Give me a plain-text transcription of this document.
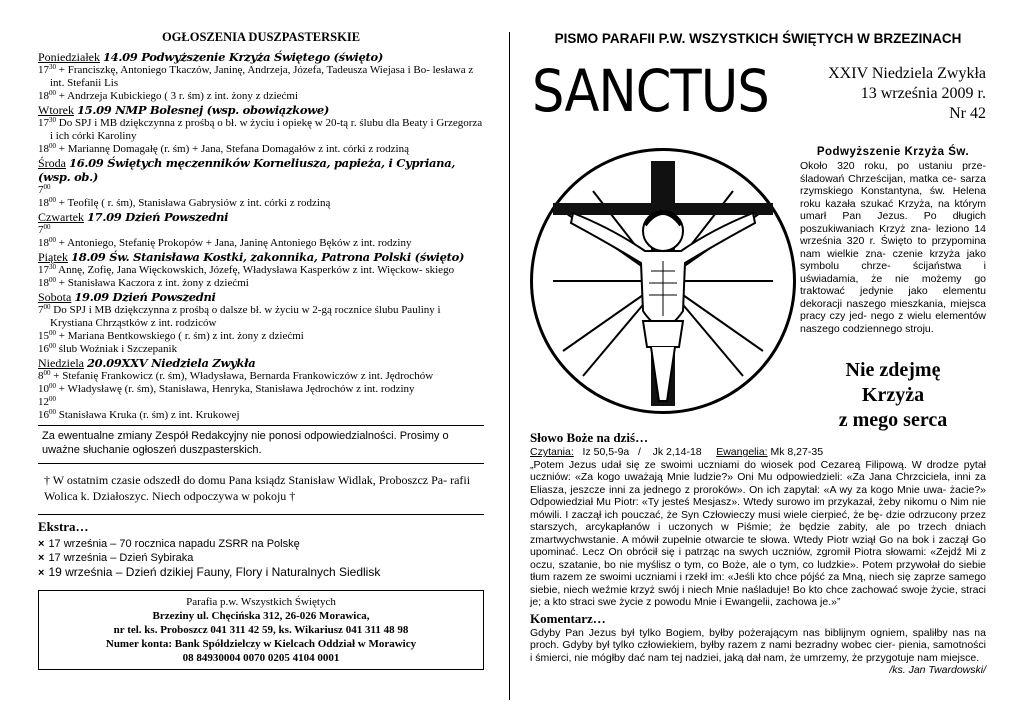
OGŁOSZENIA DUSZPASTERSKIE
Poniedziałek 14.09 Podwyższenie Krzyża Świętego (święto)
$17^{30}$ + Franciszkę, Antoniego Tkaczów, Janinę, Andrzeja, Józefa, Tadeusza Wiejasa i Bo- lesława z int. Stefanii Lis
$18^{00}$ + Andrzeja Kubickiego ( 3 r. śm) z int. żony z dziećmi
Wtorek 15.09 NMP Bolesnej (wsp. obowiązkowe)
$17^{30}$ Do SPJ i MB dziękczynna z prośbą o bł. w życiu i opiekę w 20-tą r. ślubu dla Beaty i Grzegorza i ich córki Karoliny
$18^{00}$ + Mariannę Domagałę (r. śm) + Jana, Stefana Domagałów z int. córki z rodziną
Środa 16.09 Świętych męczenników Korneliusza, papieża, i Cypriana, (wsp. ob.)
$7^{00}$
$18^{00}$ + Teofilę ( r. śm), Stanisława Gabrysiów z int. córki z rodziną
Czwartek 17.09 Dzień Powszedni
$7^{00}$
$18^{00}$ + Antoniego, Stefanię Prokopów + Jana, Janinę Antoniego Bęków z int. rodziny
Piątek 18.09 Św. Stanisława Kostki, zakonnika, Patrona Polski (święto)
$17^{30}$ Annę, Zofię, Jana Więckowskich, Józefę, Władysława Kasperków z int. Więckow- skiego
$18^{00}$ + Stanisława Kaczora z int. żony z dziećmi
Sobota 19.09 Dzień Powszedni
$7^{00}$ Do SPJ i MB dziękczynna z prośbą o dalsze bł. w życiu w 2-gą rocznice ślubu Pauliny i Krystiana Chrząstków z int. rodziców
$15^{00}$ + Mariana Bentkowskiego ( r. śm) z int. żony z dziećmi
$16^{00}$ ślub Woźniak i Szczepanik
Niedziela 20.09XXV Niedziela Zwykła
$8^{00}$ + Stefanię Frankowicz (r. śm), Władysława, Bernarda Frankowiczów z int. Jędrochów
$10^{00}$ + Władysławę (r. śm), Stanisława, Henryka, Stanisława Jędrochów z int. rodziny
$12^{00}$
$16^{00}$ Stanisława Kruka (r. śm) z int. Krukowej
Za ewentualne zmiany Zespół Redakcyjny nie ponosi odpowiedzialności. Prosimy o uważne słuchanie ogłoszeń duszpasterskich.
† W ostatnim czasie odszedł do domu Pana ksiądz Stanisław Widlak, Proboszcz Pa- rafii Wolica k. Działoszyc. Niech odpoczywa w pokoju †
Ekstra…
× 17 września – 70 rocznica napadu ZSRR na Polskę
× 17 września – Dzień Sybiraka
× 19 września – Dzień dzikiej Fauny, Flory i Naturalnych Siedlisk
Parafia p.w. Wszystkich Świętych
Brzeziny ul. Chęcińska 312, 26-026 Morawica,
nr tel. ks. Proboszcz 041 311 42 59, ks. Wikariusz 041 311 48 98
Numer konta: Bank Spółdzielczy w Kielcach Oddział w Morawicy
08 84930004 0070 0205 4104 0001
PISMO PARAFII P.W. WSZYSTKICH ŚWIĘTYCH W BRZEZINACH
SANCTUS	XXIV Niedziela Zwykła
13 września 2009 r.
Nr 42
Podwyższenie Krzyża Św.
Około 320 roku, po ustaniu prze- śladowań Chrześcijan, matka ce- sarza rzymskiego Konstantyna, św. Helena roku kazała szukać Krzyża, na którym umarł Pan Jezus. Po długich poszukiwaniach Krzyż zna- leziono 14 września 320 r. Święto to przypomina nam wielkie zna- czenie krzyża jako symbolu chrze- ścijaństwa i uświadamia, że nie możemy go traktować jedynie jako elementu dekoracji naszego mieszkania, miejsca pracy czy jed- nego z wielu elementów naszego codziennego stroju.
Nie zdejmę
Krzyża
z mego serca
Słowo Boże na dziś…
Czytania: Iz 50,5-9a   /    Jk 2,14-18 Ewangelia: Mk 8,27-35
„Potem Jezus udał się ze swoimi uczniami do wiosek pod Cezareą Filipową. W drodze pytał uczniów: «Za kogo uważają Mnie ludzie?» Oni Mu odpowiedzieli: «Za Jana Chrzciciela, inni za Eliasza, jeszcze inni za jednego z proroków». On ich zapytał: «A wy za kogo Mnie uwa- żacie?» Odpowiedział Mu Piotr: «Ty jesteś Mesjasz». Wtedy surowo im przykazał, żeby nikomu o Nim nie mówili. I zaczął ich pouczać, że Syn Człowieczy musi wiele cierpieć, że bę- dzie odrzucony przez starszych, arcykapłanów i uczonych w Piśmie; że będzie zabity, ale po trzech dniach zmartwychwstanie. A mówił zupełnie otwarcie te słowa. Wtedy Piotr wziął Go na bok i zaczął Go upominać. Lecz On obrócił się i patrząc na swych uczniów, zgromił Piotra słowami: «Zejdź Mi z oczu, szatanie, bo nie myślisz o tym, co Boże, ale o tym, co ludzkie». Potem przywołał do siebie tłum razem ze swoimi uczniami i rzekł im: «Jeśli kto chce pójść za Mną, niech się zaprze samego siebie, niech weźmie krzyż swój i niech Mnie naśladuje! Bo kto chce zachować swoje życie, straci je; a kto straci swe życie z powodu Mnie i Ewangelii, zachowa je.»”
Komentarz…
Gdyby Pan Jezus był tylko Bogiem, byłby pożerającym nas biblijnym ogniem, spaliłby nas na proch. Gdyby był tylko człowiekiem, byłby razem z nami bezradny wobec cier- pienia, samotności i śmierci, nie mógłby dać nam tej nadziei, jaką dał nam, że umrzemy, że przygotuje nam miejsce.
/ks. Jan Twardowski/
